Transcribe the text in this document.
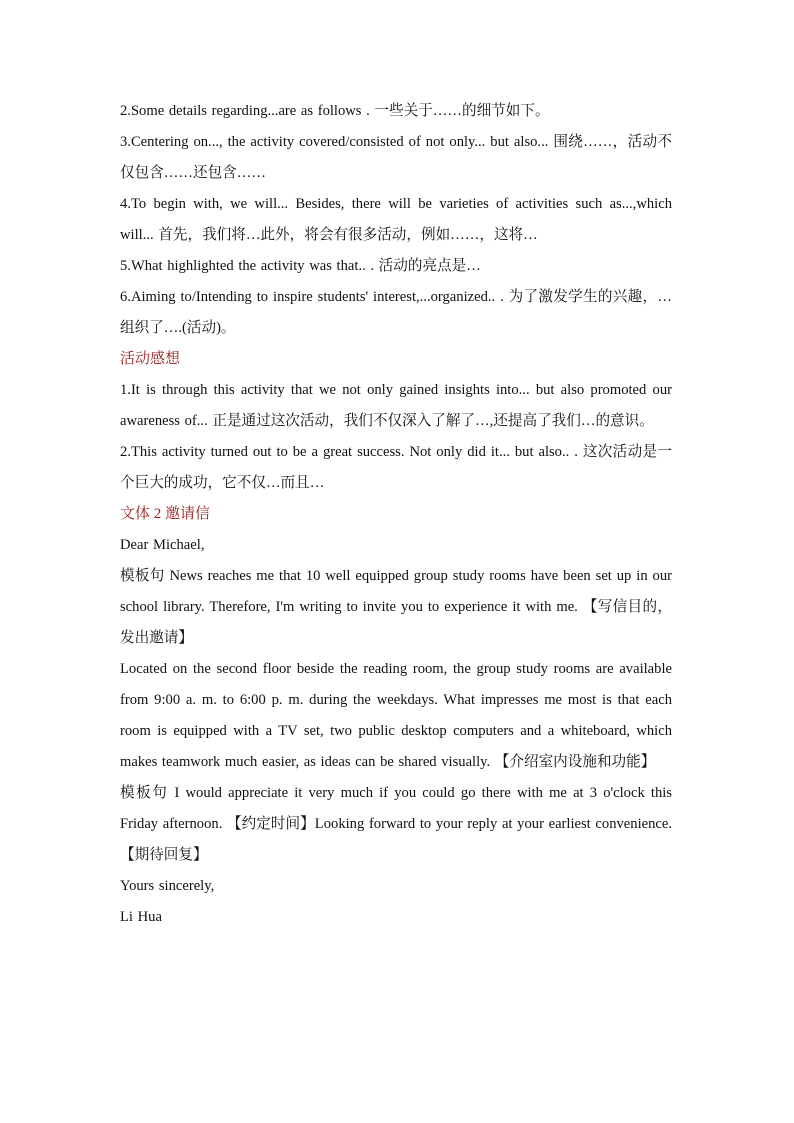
2.Some details regarding...are as follows . 一些关于……的细节如下。

3.Centering on..., the activity covered/consisted of not only... but also... 围绕……，活动不仅包含……还包含……

4.To begin with, we will... Besides, there will be varieties of activities such as...,which will... 首先，我们将…此外，将会有很多活动，例如……，这将…

5.What highlighted the activity was that.. . 活动的亮点是…

6.Aiming to/Intending to inspire students' interest,...organized.. . 为了激发学生的兴趣，…组织了….(活动)。

活动感想

1.It is through this activity that we not only gained insights into... but also promoted our awareness of... 正是通过这次活动，我们不仅深入了解了…,还提高了我们…的意识。

2.This activity turned out to be a great success. Not only did it... but also.. . 这次活动是一个巨大的成功，它不仅…而且…

文体 2 邀请信

Dear Michael,

模板句 News reaches me that 10 well equipped group study rooms have been set up in our school library. Therefore, I'm writing to invite you to experience it with me. 【写信目的，发出邀请】

Located on the second floor beside the reading room, the group study rooms are available from 9:00 a. m. to 6:00 p. m. during the weekdays. What impresses me most is that each room is equipped with a TV set, two public desktop computers and a whiteboard, which makes teamwork much easier, as ideas can be shared visually. 【介绍室内设施和功能】

模板句 I would appreciate it very much if you could go there with me at 3 o'clock this Friday afternoon. 【约定时间】Looking forward to your reply at your earliest convenience. 【期待回复】

Yours sincerely,

Li Hua
